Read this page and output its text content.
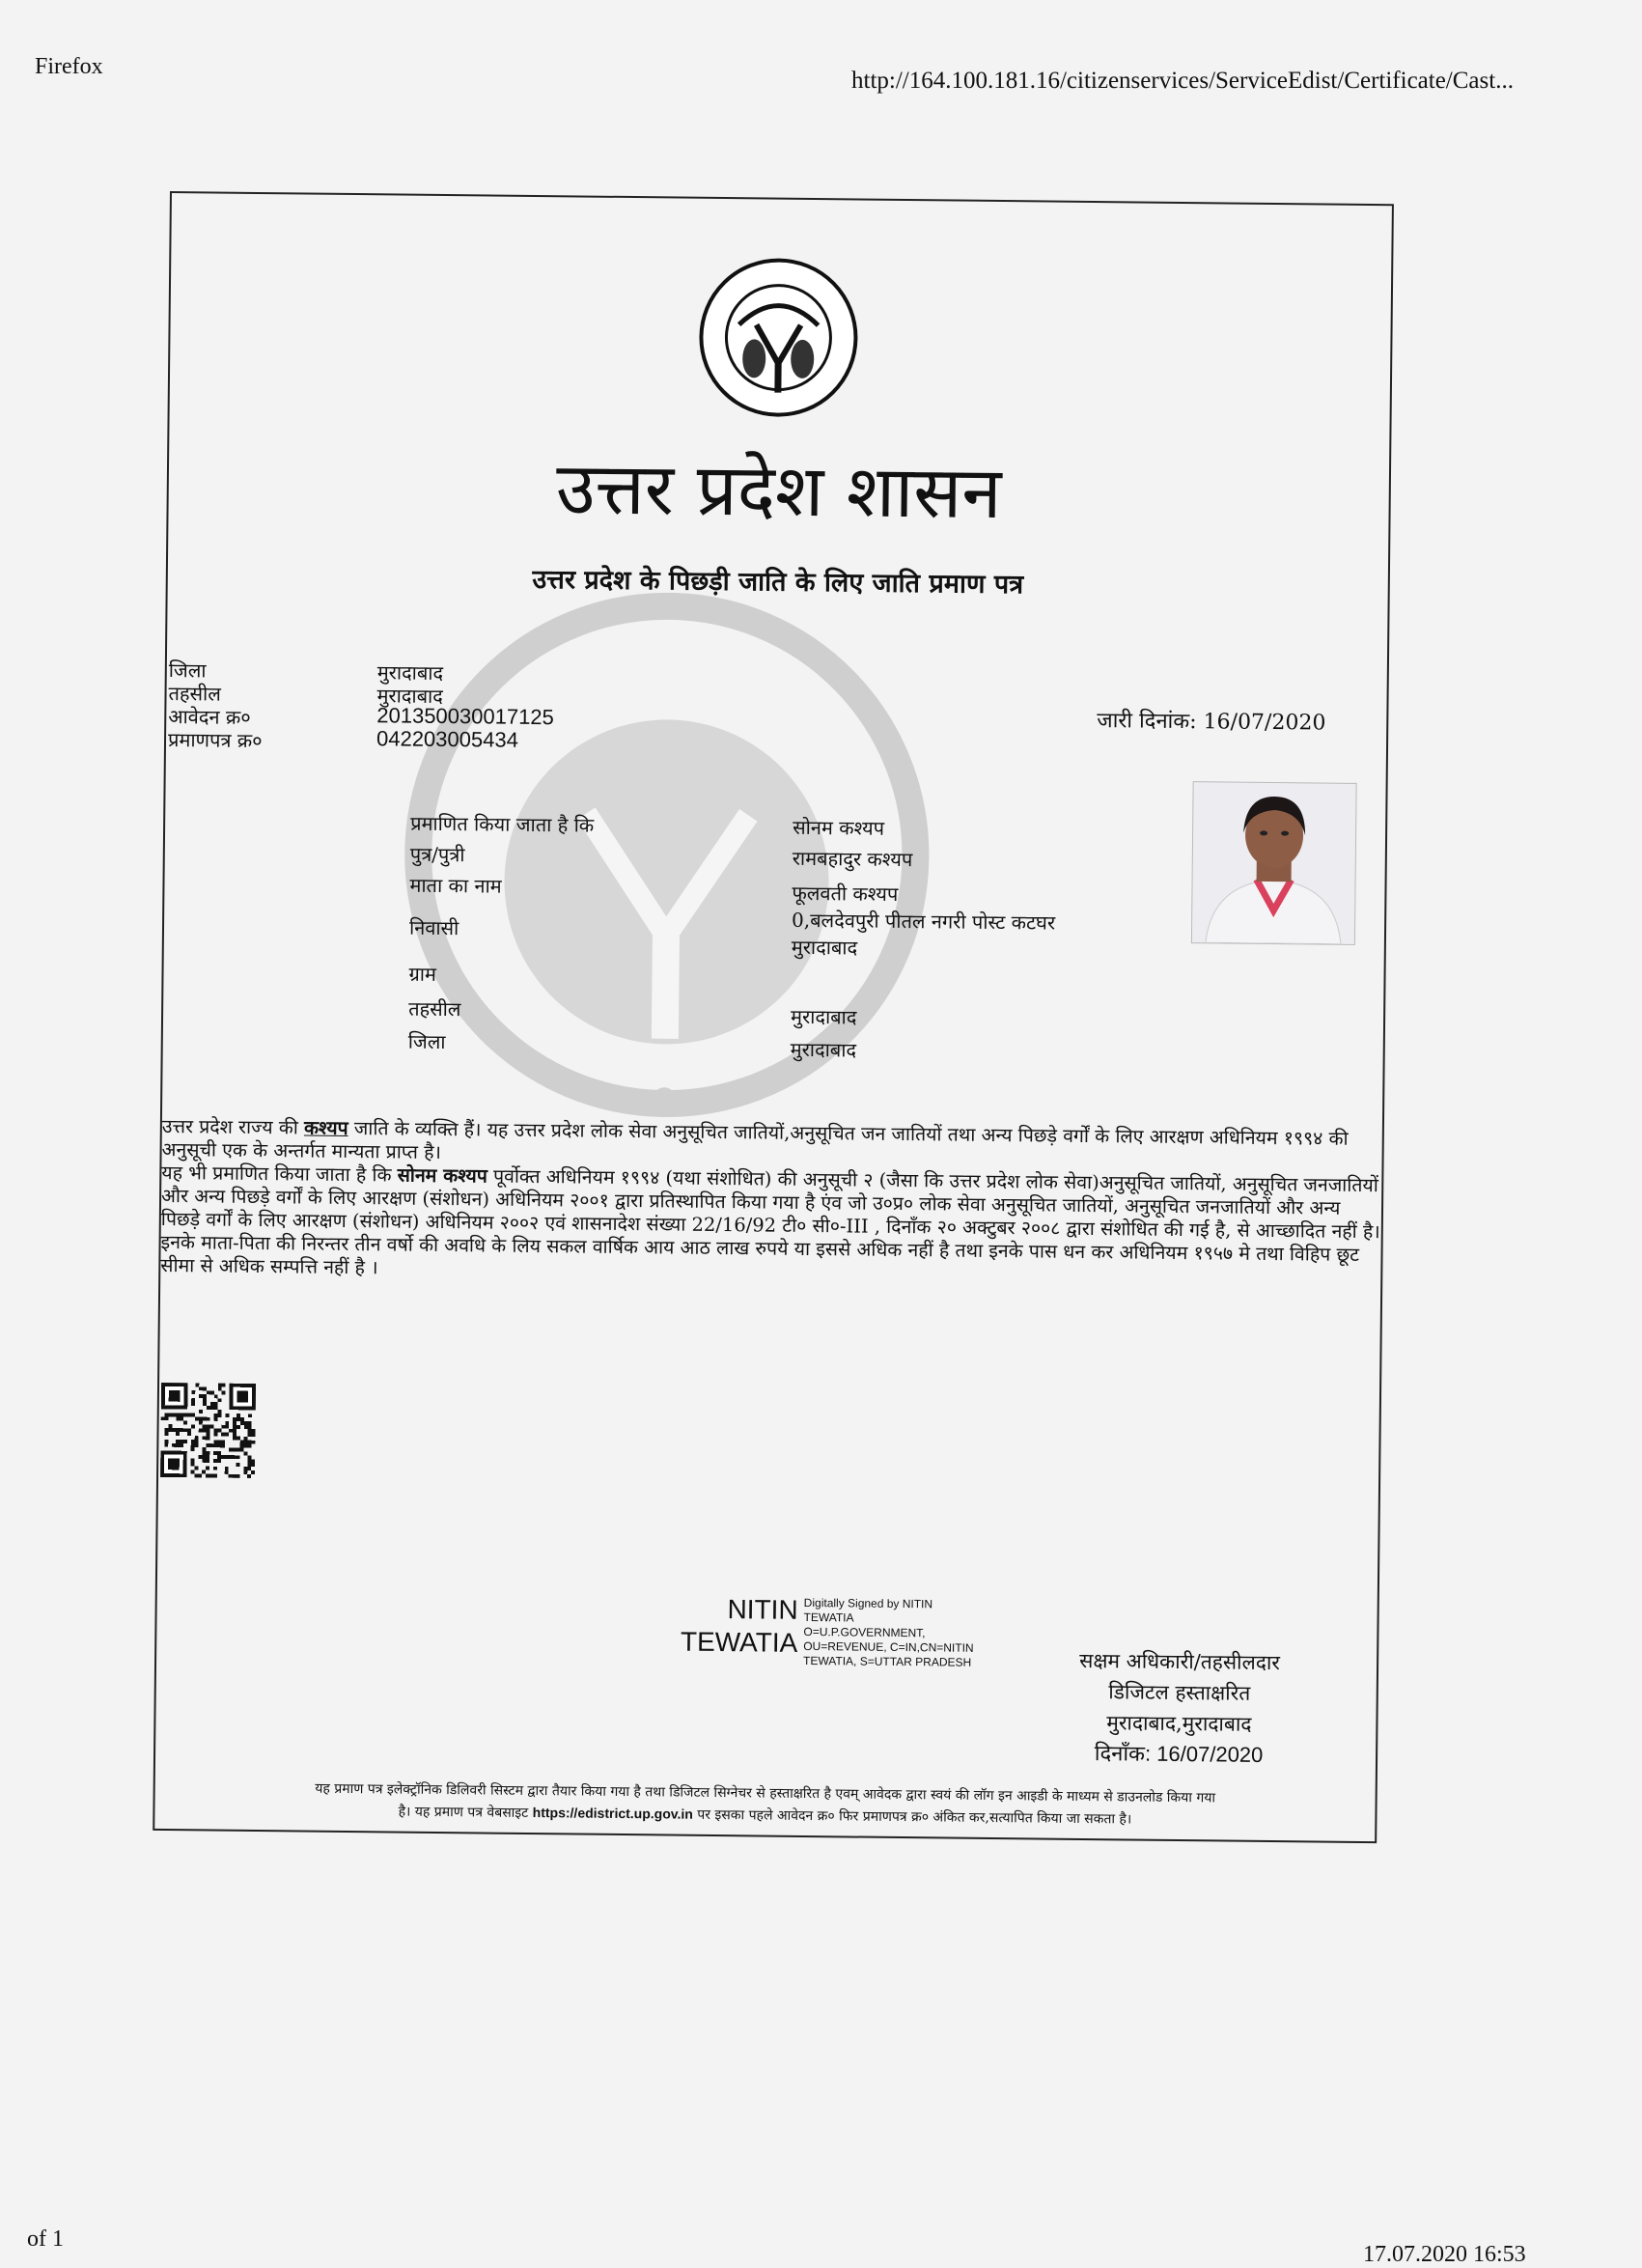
Firefox
http://164.100.181.16/citizenservices/ServiceEdist/Certificate/Cast...
उत्तर प्रदेश शासन
उत्तर प्रदेश के पिछड़ी जाति के लिए जाति प्रमाण पत्र
जिला	मुरादाबाद
तहसील	मुरादाबाद
आवेदन क्र०	201350030017125
प्रमाणपत्र क्र०	042203005434
जारी दिनांक: 16/07/2020
प्रमाणित किया जाता है कि	सोनम कश्यप
पुत्र/पुत्री	रामबहादुर कश्यप
माता का नाम	फूलवती कश्यप
निवासी	0,बलदेवपुरी पीतल नगरी पोस्ट कटघर
मुरादाबाद
ग्राम
तहसील	मुरादाबाद
जिला	मुरादाबाद

उत्तर प्रदेश राज्य की कश्यप जाति के व्यक्ति हैं। यह उत्तर प्रदेश लोक सेवा अनुसूचित जातियों,अनुसूचित जन जातियों तथा अन्य पिछड़े वर्गों के लिए आरक्षण अधिनियम १९९४ की अनुसूची एक के अन्तर्गत मान्यता प्राप्त है।

यह भी प्रमाणित किया जाता है कि सोनम कश्यप पूर्वोक्त अधिनियम १९९४ (यथा संशोधित) की अनुसूची २ (जैसा कि उत्तर प्रदेश लोक सेवा)अनुसूचित जातियों, अनुसूचित जनजातियों और अन्य पिछड़े वर्गों के लिए आरक्षण (संशोधन) अधिनियम २००१ द्वारा प्रतिस्थापित किया गया है एंव जो उ०प्र० लोक सेवा अनुसूचित जातियों, अनुसूचित जनजातियों और अन्य पिछड़े वर्गों के लिए आरक्षण (संशोधन) अधिनियम २००२ एवं शासनादेश संख्या 22/16/92 टी० सी०-III , दिनाँक २० अक्टुबर २००८ द्वारा संशोधित की गई है, से आच्छादित नहीं है।इनके माता-पिता की निरन्तर तीन वर्षो की अवधि के लिय सकल वार्षिक आय आठ लाख रुपये या इससे अधिक नहीं है तथा इनके पास धन कर अधिनियम १९५७ मे तथा विहिप छूट सीमा से अधिक सम्पत्ति नहीं है ।

NITIN
TEWATIA
Digitally Signed by NITIN TEWATIA O=U.P.GOVERNMENT, OU=REVENUE, C=IN,CN=NITIN TEWATIA, S=UTTAR PRADESH	सक्षम अधिकारी/तहसीलदार
डिजिटल हस्ताक्षरित
मुरादाबाद,मुरादाबाद
दिनाँक: 16/07/2020
यह प्रमाण पत्र इलेक्ट्रॉनिक डिलिवरी सिस्टम द्वारा तैयार किया गया है तथा डिजिटल सिग्नेचर से हस्ताक्षरित है एवम् आवेदक द्वारा स्वयं की लॉग इन आइडी के माध्यम से डाउनलोड किया गया
है। यह प्रमाण पत्र वेबसाइट https://edistrict.up.gov.in पर इसका पहले आवेदन क्र० फिर प्रमाणपत्र क्र० अंकित कर,सत्यापित किया जा सकता है।
of 1
17.07.2020 16:53
